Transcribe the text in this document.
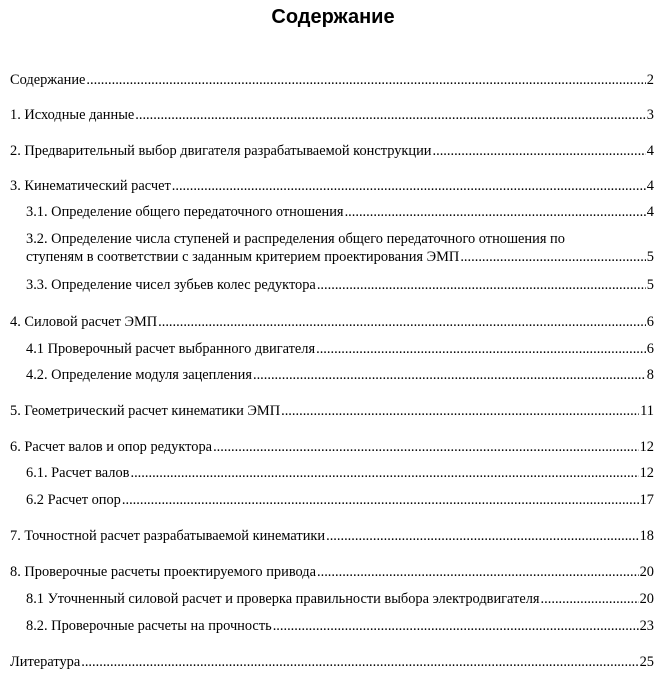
Содержание
Содержание .....	2
1. Исходные данные .....	3
2. Предварительный выбор двигателя разрабатываемой конструкции .....	4
3. Кинематический расчет .....	4
3.1. Определение общего передаточного отношения .....	4
3.2. Определение числа ступеней и распределения общего передаточного отношения по
ступеням в соответствии с заданным критерием проектирования ЭМП .....	5
3.3. Определение чисел зубьев колес редуктора .....	5
4. Силовой расчет ЭМП .....	6
4.1 Проверочный расчет выбранного двигателя .....	6
4.2. Определение модуля зацепления .....	8
5. Геометрический расчет кинематики ЭМП .....	11
6. Расчет валов и опор редуктора .....	12
6.1. Расчет валов .....	12
6.2 Расчет опор .....	17
7. Точностной расчет разрабатываемой кинематики .....	18
8. Проверочные расчеты проектируемого привода .....	20
8.1 Уточненный силовой расчет и проверка правильности выбора электродвигателя .....	20
8.2. Проверочные расчеты на прочность .....	23
Литература .....	25
